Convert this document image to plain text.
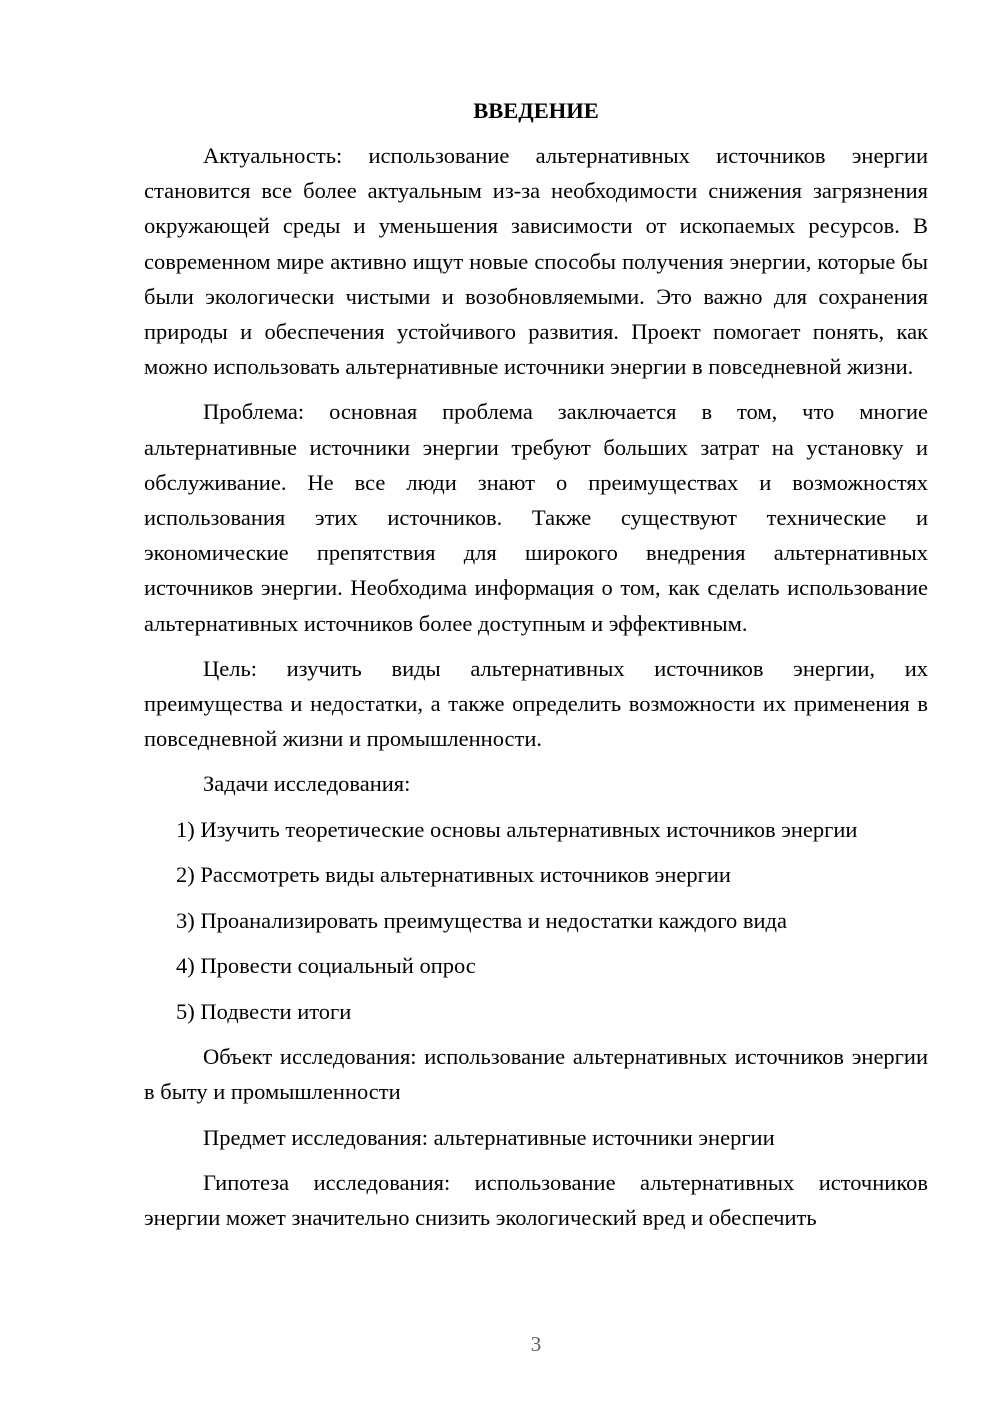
ВВЕДЕНИЕ

Актуальность: использование альтернативных источников энергии становится все более актуальным из-за необходимости снижения загрязнения окружающей среды и уменьшения зависимости от ископаемых ресурсов. В современном мире активно ищут новые способы получения энергии, которые бы были экологически чистыми и возобновляемыми. Это важно для сохранения природы и обеспечения устойчивого развития. Проект помогает понять, как можно использовать альтернативные источники энергии в повседневной жизни.

Проблема: основная проблема заключается в том, что многие альтернативные источники энергии требуют больших затрат на установку и обслуживание. Не все люди знают о преимуществах и возможностях использования этих источников. Также существуют технические и экономические препятствия для широкого внедрения альтернативных источников энергии. Необходима информация о том, как сделать использование альтернативных источников более доступным и эффективным.

Цель: изучить виды альтернативных источников энергии, их преимущества и недостатки, а также определить возможности их применения в повседневной жизни и промышленности.

Задачи исследования:

1) Изучить теоретические основы альтернативных источников энергии

2) Рассмотреть виды альтернативных источников энергии

3) Проанализировать преимущества и недостатки каждого вида

4) Провести социальный опрос

5) Подвести итоги

Объект исследования: использование альтернативных источников энергии в быту и промышленности

Предмет исследования: альтернативные источники энергии

Гипотеза исследования: использование альтернативных источников энергии может значительно снизить экологический вред и обеспечить

3
